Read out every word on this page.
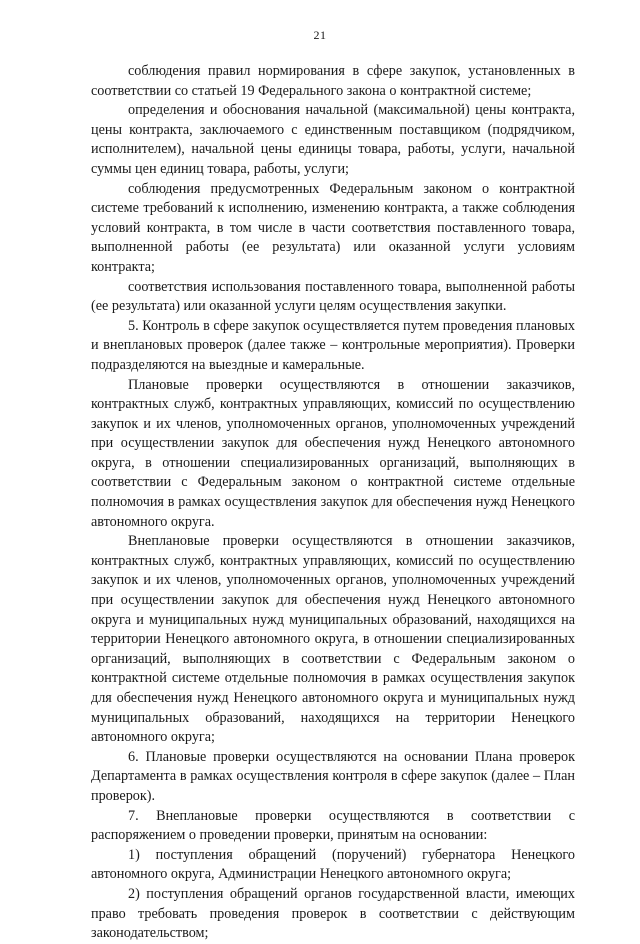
21

соблюдения правил нормирования в сфере закупок, установленных в соответствии со статьей 19 Федерального закона о контрактной системе;

определения и обоснования начальной (максимальной) цены контракта, цены контракта, заключаемого с единственным поставщиком (подрядчиком, исполнителем), начальной цены единицы товара, работы, услуги, начальной суммы цен единиц товара, работы, услуги;

соблюдения предусмотренных Федеральным законом о контрактной системе требований к исполнению, изменению контракта, а также соблюдения условий контракта, в том числе в части соответствия поставленного товара, выполненной работы (ее результата) или оказанной услуги условиям контракта;

соответствия использования поставленного товара, выполненной работы (ее результата) или оказанной услуги целям осуществления закупки.

5. Контроль в сфере закупок осуществляется путем проведения плановых и внеплановых проверок (далее также – контрольные мероприятия). Проверки подразделяются на выездные и камеральные.

Плановые проверки осуществляются в отношении заказчиков, контрактных служб, контрактных управляющих, комиссий по осуществлению закупок и их членов, уполномоченных органов, уполномоченных учреждений при осуществлении закупок для обеспечения нужд Ненецкого автономного округа, в отношении специализированных организаций, выполняющих в соответствии с Федеральным законом о контрактной системе отдельные полномочия в рамках осуществления закупок для обеспечения нужд Ненецкого автономного округа.

Внеплановые проверки осуществляются в отношении заказчиков, контрактных служб, контрактных управляющих, комиссий по осуществлению закупок и их членов, уполномоченных органов, уполномоченных учреждений при осуществлении закупок для обеспечения нужд Ненецкого автономного округа и муниципальных нужд муниципальных образований, находящихся на территории Ненецкого автономного округа, в отношении специализированных организаций, выполняющих в соответствии с Федеральным законом о контрактной системе отдельные полномочия в рамках осуществления закупок для обеспечения нужд Ненецкого автономного округа и муниципальных нужд муниципальных образований, находящихся на территории Ненецкого автономного округа;

6. Плановые проверки осуществляются на основании Плана проверок Департамента в рамках осуществления контроля в сфере закупок (далее – План проверок).

7. Внеплановые проверки осуществляются в соответствии с распоряжением о проведении проверки, принятым на основании:

1) поступления обращений (поручений) губернатора Ненецкого автономного округа, Администрации Ненецкого автономного округа;

2) поступления обращений органов государственной власти, имеющих право требовать проведения проверок в соответствии с действующим законодательством;
